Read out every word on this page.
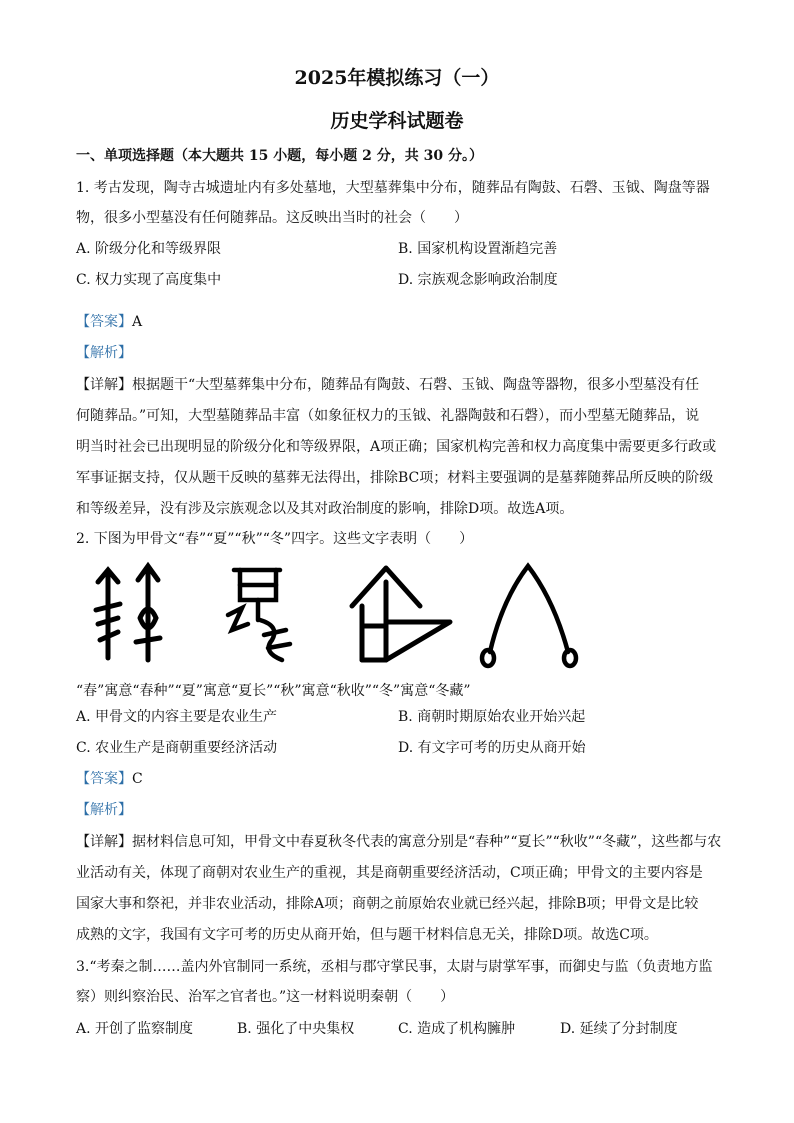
2025年模拟练习（一）
历史学科试题卷
一、单项选择题（本大题共 15 小题，每小题 2 分，共 30 分。）
1. 考古发现，陶寺古城遗址内有多处墓地，大型墓葬集中分布，随葬品有陶鼓、石磬、玉钺、陶盘等器
物，很多小型墓没有任何随葬品。这反映出当时的社会（　　）
A. 阶级分化和等级界限	B. 国家机构设置渐趋完善
C. 权力实现了高度集中	D. 宗族观念影响政治制度
【答案】A
【解析】
【详解】根据题干“大型墓葬集中分布，随葬品有陶鼓、石磬、玉钺、陶盘等器物，很多小型墓没有任
何随葬品。”可知，大型墓随葬品丰富（如象征权力的玉钺、礼器陶鼓和石磬），而小型墓无随葬品，说
明当时社会已出现明显的阶级分化和等级界限，A项正确；国家机构完善和权力高度集中需要更多行政或
军事证据支持，仅从题干反映的墓葬无法得出，排除BC项；材料主要强调的是墓葬随葬品所反映的阶级
和等级差异，没有涉及宗族观念以及其对政治制度的影响，排除D项。故选A项。
2. 下图为甲骨文“春”“夏”“秋”“冬”四字。这些文字表明（　　）
“春”寓意“春种”“夏”寓意“夏长”“秋”寓意“秋收”“冬”寓意“冬藏”
A. 甲骨文的内容主要是农业生产	B. 商朝时期原始农业开始兴起
C. 农业生产是商朝重要经济活动	D. 有文字可考的历史从商开始
【答案】C
【解析】
【详解】据材料信息可知，甲骨文中春夏秋冬代表的寓意分别是“春种”“夏长”“秋收”“冬藏”，这些都与农
业活动有关，体现了商朝对农业生产的重视，其是商朝重要经济活动，C项正确；甲骨文的主要内容是
国家大事和祭祀，并非农业活动，排除A项；商朝之前原始农业就已经兴起，排除B项；甲骨文是比较
成熟的文字，我国有文字可考的历史从商开始，但与题干材料信息无关，排除D项。故选C项。
3.“考秦之制……盖内外官制同一系统，丞相与郡守掌民事，太尉与尉掌军事，而御史与监（负责地方监
察）则纠察治民、治军之官者也。”这一材料说明秦朝（　　）
A. 开创了监察制度	B. 强化了中央集权	C. 造成了机构臃肿	D. 延续了分封制度
